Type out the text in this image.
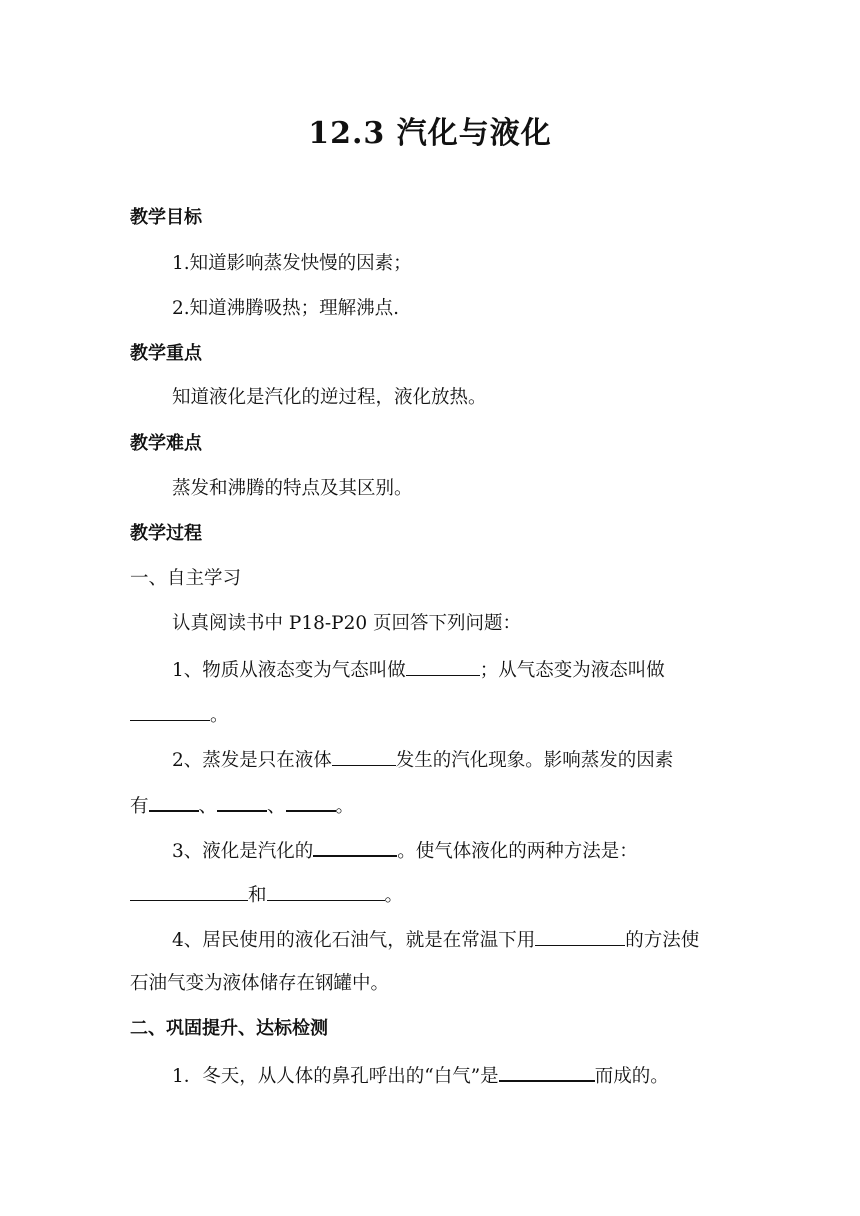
12.3 汽化与液化
教学目标
1.知道影响蒸发快慢的因素；
2.知道沸腾吸热；理解沸点.
教学重点
知道液化是汽化的逆过程，液化放热。
教学难点
蒸发和沸腾的特点及其区别。
教学过程
一、自主学习
认真阅读书中 P18-P20 页回答下列问题：
1、物质从液态变为气态叫做	；从气态变为液态叫做
。
2、蒸发是只在液体	发生的汽化现象。影响蒸发的因素
有	、	、	。
3、液化是汽化的	。使气体液化的两种方法是：
和	。
4、居民使用的液化石油气，就是在常温下用	的方法使
石油气变为液体储存在钢罐中。
二、巩固提升、达标检测
1．冬天，从人体的鼻孔呼出的“白气”是	而成的。
